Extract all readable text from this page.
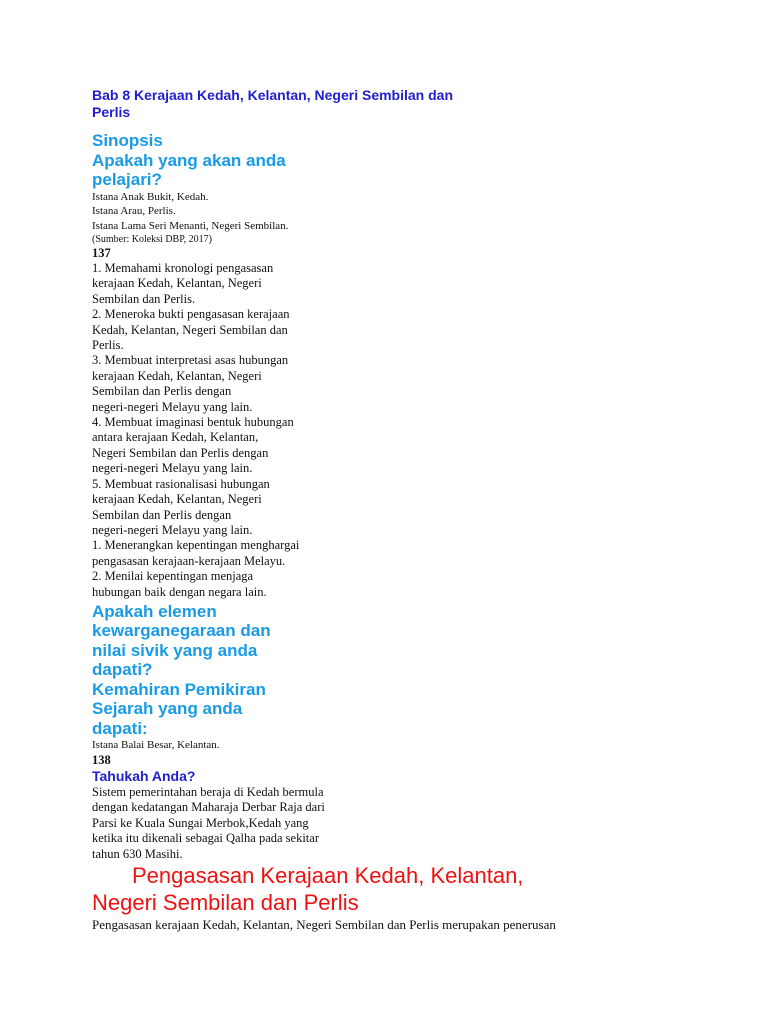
Bab 8 Kerajaan Kedah, Kelantan, Negeri Sembilan dan Perlis

Sinopsis

Apakah yang akan anda
pelajari?

Istana Anak Bukit, Kedah.

Istana Arau, Perlis.

Istana Lama Seri Menanti, Negeri Sembilan.

(Sumber: Koleksi DBP, 2017)

137

1. Memahami kronologi pengasasan

kerajaan Kedah, Kelantan, Negeri

Sembilan dan Perlis.

2. Meneroka bukti pengasasan kerajaan

Kedah, Kelantan, Negeri Sembilan dan

Perlis.

3. Membuat interpretasi asas hubungan

kerajaan Kedah, Kelantan, Negeri

Sembilan dan Perlis dengan

negeri-negeri Melayu yang lain.

4. Membuat imaginasi bentuk hubungan

antara kerajaan Kedah, Kelantan,

Negeri Sembilan dan Perlis dengan

negeri-negeri Melayu yang lain.

5. Membuat rasionalisasi hubungan

kerajaan Kedah, Kelantan, Negeri

Sembilan dan Perlis dengan

negeri-negeri Melayu yang lain.

1. Menerangkan kepentingan menghargai

pengasasan kerajaan-kerajaan Melayu.

2. Menilai kepentingan menjaga

hubungan baik dengan negara lain.

Apakah elemen

kewarganegaraan dan

nilai sivik yang anda

dapati?

Kemahiran Pemikiran

Sejarah yang anda

dapati:

Istana Balai Besar, Kelantan.

138

Tahukah Anda?

Sistem pemerintahan beraja di Kedah bermula

dengan kedatangan Maharaja Derbar Raja dari

Parsi ke Kuala Sungai Merbok,Kedah yang

ketika itu dikenali sebagai Qalha pada sekitar

tahun 630 Masihi.

Pengasasan Kerajaan Kedah, Kelantan,
Negeri Sembilan dan Perlis

Pengasasan kerajaan Kedah, Kelantan, Negeri Sembilan dan Perlis merupakan penerusan
